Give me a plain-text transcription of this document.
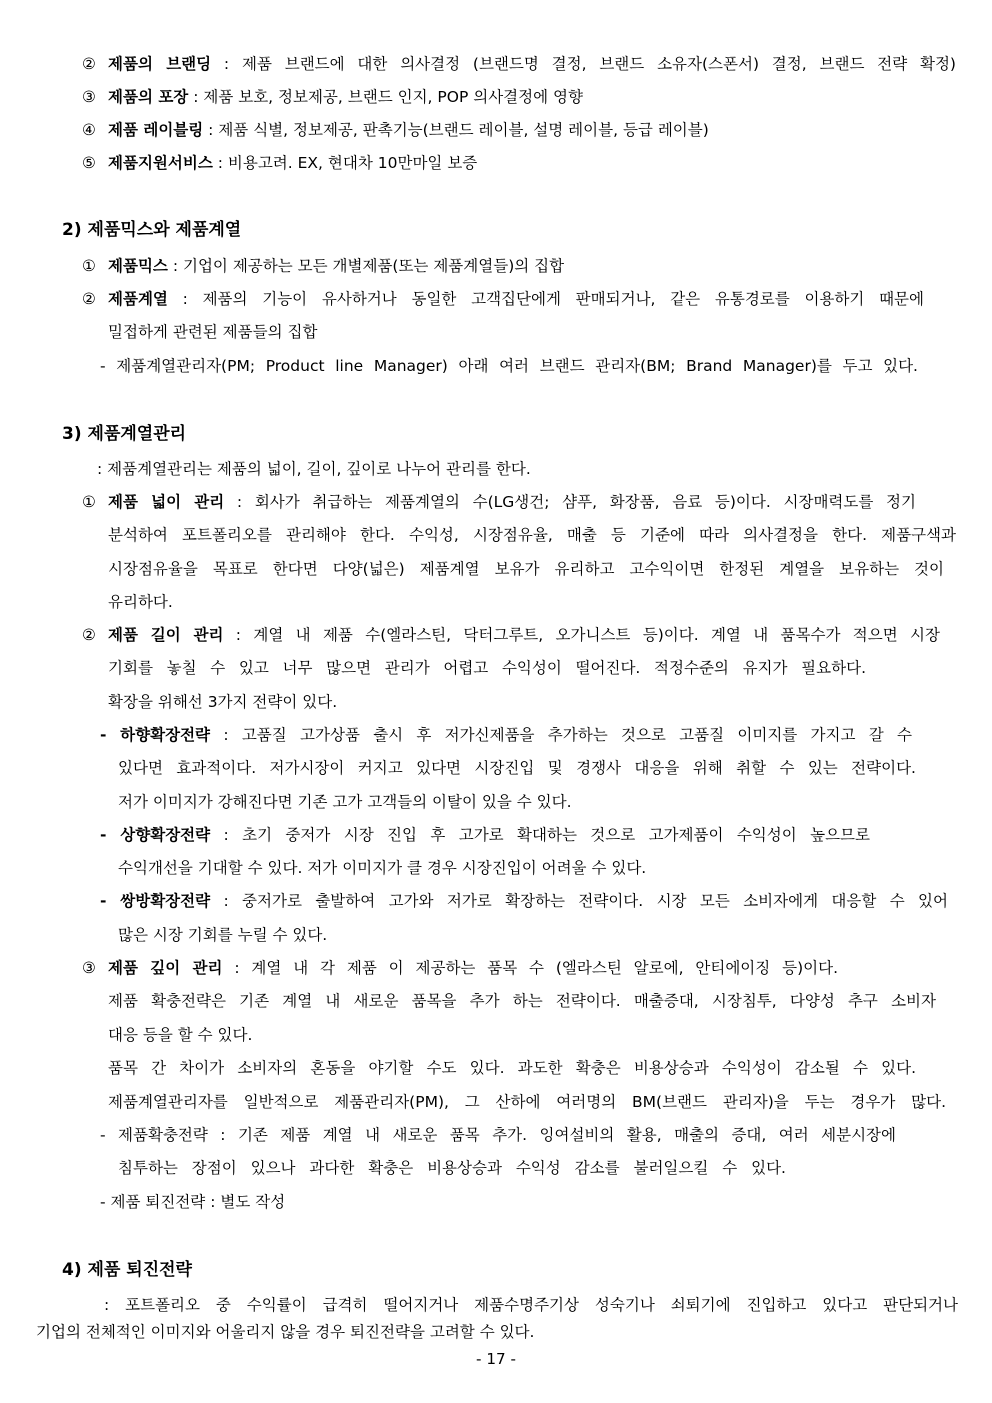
② 제품의 브랜딩 : 제품 브랜드에 대한 의사결정 (브랜드명 결정, 브랜드 소유자(스폰서) 결정, 브랜드 전략 확정)
③ 제품의 포장 : 제품 보호, 정보제공, 브랜드 인지, POP 의사결정에 영향
④ 제품 레이블링 : 제품 식별, 정보제공, 판촉기능(브랜드 레이블, 설명 레이블, 등급 레이블)
⑤ 제품지원서비스 : 비용고려. EX, 현대차 10만마일 보증
2) 제품믹스와 제품계열
① 제품믹스 : 기업이 제공하는 모든 개별제품(또는 제품계열들)의 집합
② 제품계열 : 제품의 기능이 유사하거나 동일한 고객집단에게 판매되거나, 같은 유통경로를 이용하기 때문에
밀접하게 관련된 제품들의 집합
- 제품계열관리자(PM; Product line Manager) 아래 여러 브랜드 관리자(BM; Brand Manager)를 두고 있다.
3) 제품계열관리
: 제품계열관리는 제품의 넓이, 길이, 깊이로 나누어 관리를 한다.
① 제품 넓이 관리 : 회사가 취급하는 제품계열의 수(LG생건; 샴푸, 화장품, 음료 등)이다. 시장매력도를 정기
분석하여 포트폴리오를 관리해야 한다. 수익성, 시장점유율, 매출 등 기준에 따라 의사결정을 한다. 제품구색과
시장점유율을 목표로 한다면 다양(넓은) 제품계열 보유가 유리하고 고수익이면 한정된 계열을 보유하는 것이
유리하다.
② 제품 길이 관리 : 계열 내 제품 수(엘라스틴, 닥터그루트, 오가니스트 등)이다. 계열 내 품목수가 적으면 시장
기회를 놓칠 수 있고 너무 많으면 관리가 어렵고 수익성이 떨어진다. 적정수준의 유지가 필요하다.
확장을 위해선 3가지 전략이 있다.
- 하향확장전략 : 고품질 고가상품 출시 후 저가신제품을 추가하는 것으로 고품질 이미지를 가지고 갈 수
있다면 효과적이다. 저가시장이 커지고 있다면 시장진입 및 경쟁사 대응을 위해 취할 수 있는 전략이다.
저가 이미지가 강해진다면 기존 고가 고객들의 이탈이 있을 수 있다.
- 상향확장전략 : 초기 중저가 시장 진입 후 고가로 확대하는 것으로 고가제품이 수익성이 높으므로
수익개선을 기대할 수 있다. 저가 이미지가 클 경우 시장진입이 어려울 수 있다.
- 쌍방확장전략 : 중저가로 출발하여 고가와 저가로 확장하는 전략이다. 시장 모든 소비자에게 대응할 수 있어
많은 시장 기회를 누릴 수 있다.
③ 제품 깊이 관리 : 계열 내 각 제품 이 제공하는 품목 수 (엘라스틴 알로에, 안티에이징 등)이다.
제품 확충전략은 기존 계열 내 새로운 품목을 추가 하는 전략이다. 매출증대, 시장침투, 다양성 추구 소비자
대응 등을 할 수 있다.
품목 간 차이가 소비자의 혼동을 야기할 수도 있다. 과도한 확충은 비용상승과 수익성이 감소될 수 있다.
제품계열관리자를 일반적으로 제품관리자(PM), 그 산하에 여러명의 BM(브랜드 관리자)을 두는 경우가 많다.
- 제품확충전략 : 기존 제품 계열 내 새로운 품목 추가. 잉여설비의 활용, 매출의 증대, 여러 세분시장에
침투하는 장점이 있으나 과다한 확충은 비용상승과 수익성 감소를 불러일으킬 수 있다.
- 제품 퇴진전략 : 별도 작성
4) 제품 퇴진전략
: 포트폴리오 중 수익률이 급격히 떨어지거나 제품수명주기상 성숙기나 쇠퇴기에 진입하고 있다고 판단되거나
기업의 전체적인 이미지와 어울리지 않을 경우 퇴진전략을 고려할 수 있다.
- 17 -
